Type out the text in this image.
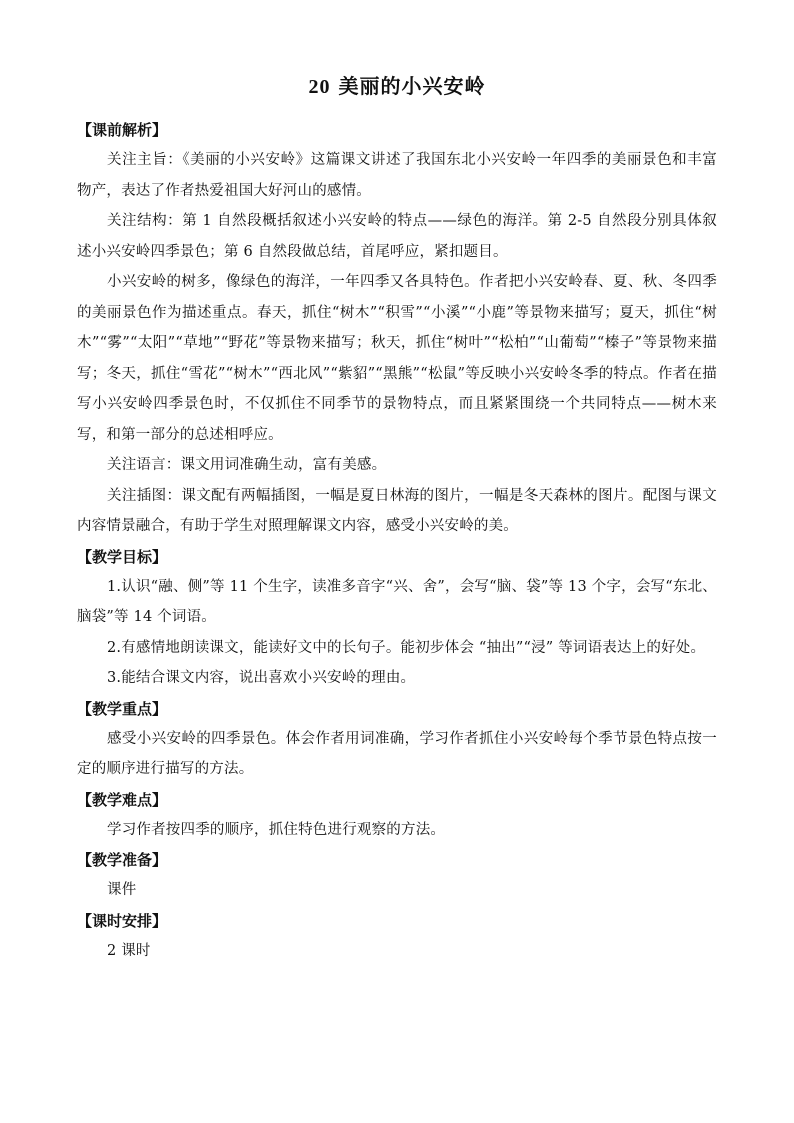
20 美丽的小兴安岭

【课前解析】

关注主旨：《美丽的小兴安岭》这篇课文讲述了我国东北小兴安岭一年四季的美丽景色和丰富物产，表达了作者热爱祖国大好河山的感情。

关注结构：第 1 自然段概括叙述小兴安岭的特点——绿色的海洋。第 2-5 自然段分别具体叙述小兴安岭四季景色；第 6 自然段做总结，首尾呼应，紧扣题目。

小兴安岭的树多，像绿色的海洋，一年四季又各具特色。作者把小兴安岭春、夏、秋、冬四季的美丽景色作为描述重点。春天，抓住“树木”“积雪”“小溪”“小鹿”等景物来描写；夏天，抓住“树木”“雾”“太阳”“草地”“野花”等景物来描写；秋天，抓住“树叶”“松柏”“山葡萄”“榛子”等景物来描写；冬天，抓住“雪花”“树木”“西北风”“紫貂”“黑熊”“松鼠”等反映小兴安岭冬季的特点。作者在描写小兴安岭四季景色时，不仅抓住不同季节的景物特点，而且紧紧围绕一个共同特点——树木来写，和第一部分的总述相呼应。

关注语言：课文用词准确生动，富有美感。

关注插图：课文配有两幅插图，一幅是夏日林海的图片，一幅是冬天森林的图片。配图与课文内容情景融合，有助于学生对照理解课文内容，感受小兴安岭的美。

【教学目标】

1.认识“融、侧”等 11 个生字，读准多音字“兴、舍”，会写“脑、袋”等 13 个字，会写“东北、脑袋”等 14 个词语。

2.有感情地朗读课文，能读好文中的长句子。能初步体会 “抽出”“浸” 等词语表达上的好处。

3.能结合课文内容，说出喜欢小兴安岭的理由。

【教学重点】

感受小兴安岭的四季景色。体会作者用词准确，学习作者抓住小兴安岭每个季节景色特点按一定的顺序进行描写的方法。

【教学难点】

学习作者按四季的顺序，抓住特色进行观察的方法。

【教学准备】

课件

【课时安排】

2 课时
